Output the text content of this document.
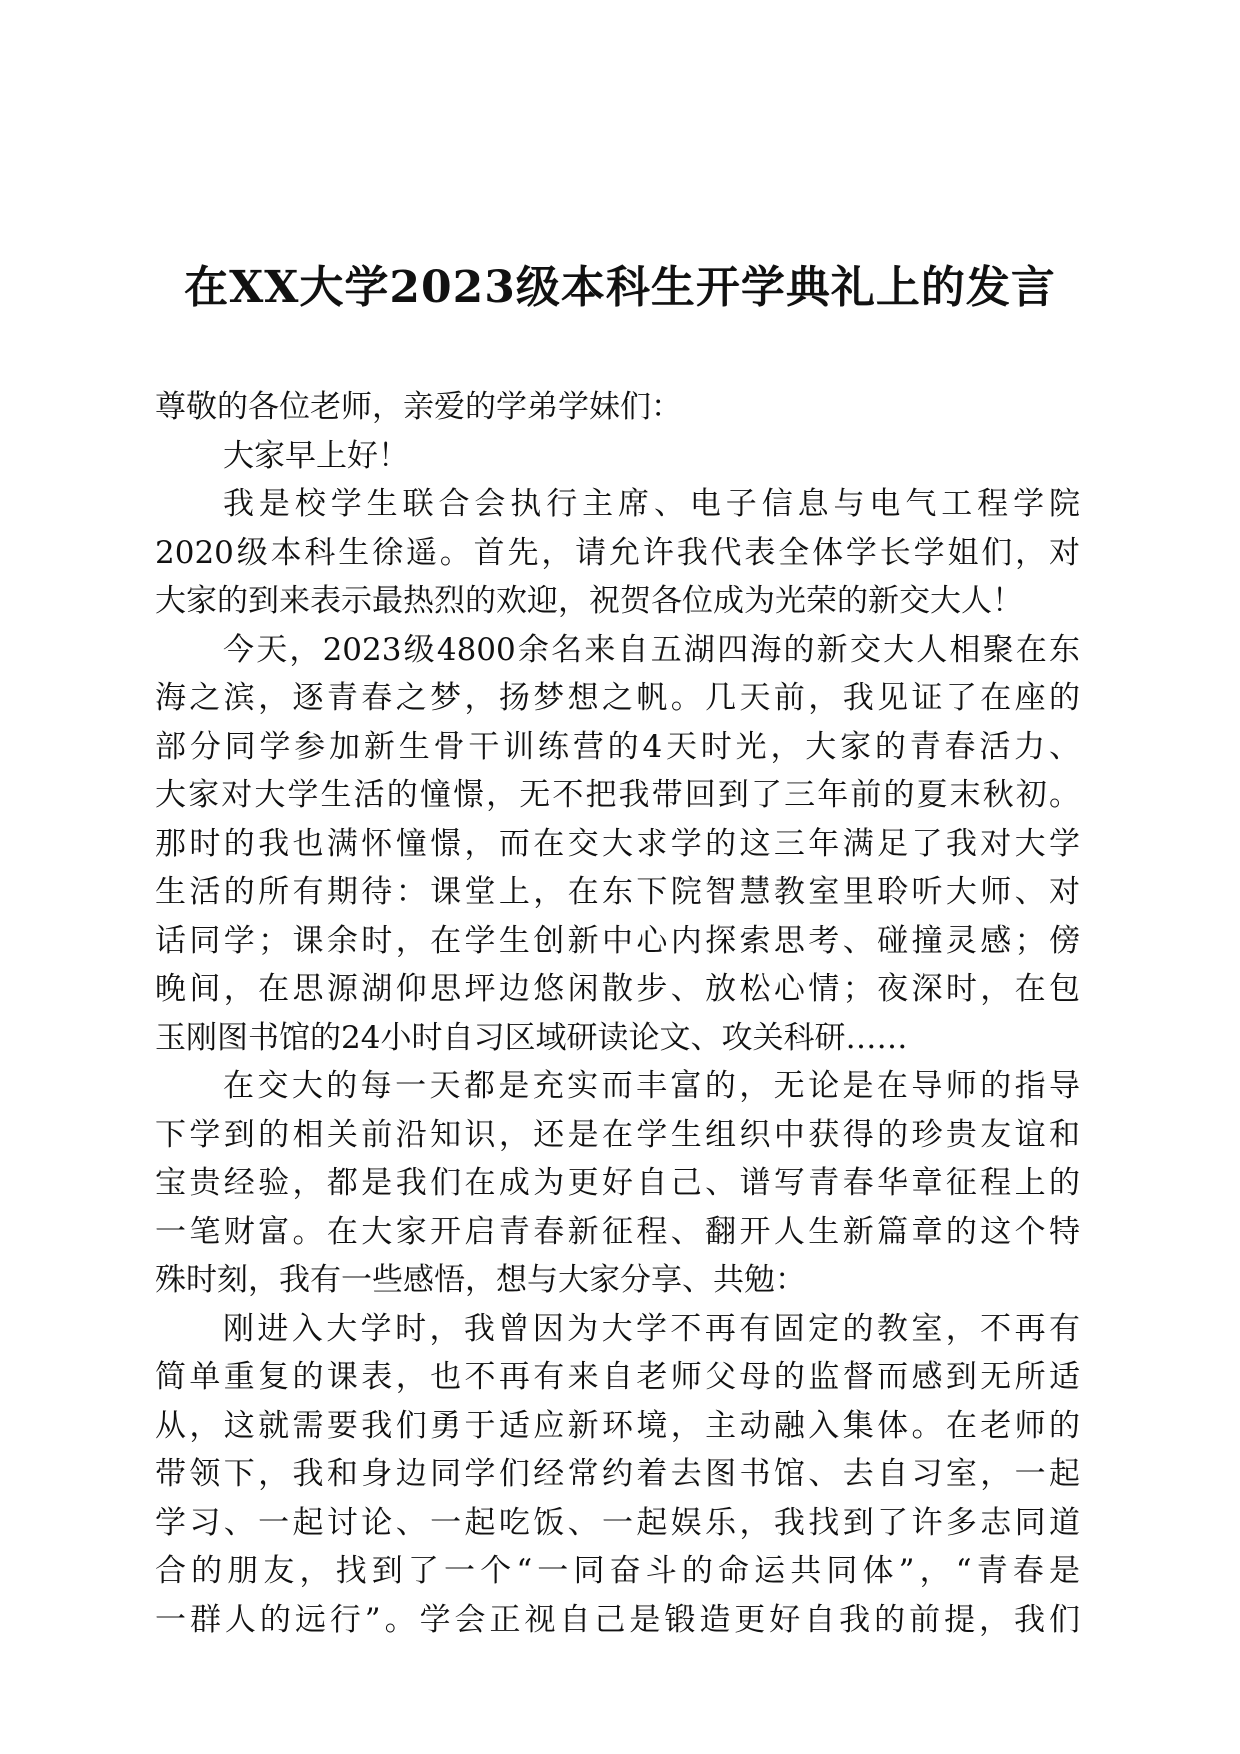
在XX大学2023级本科生开学典礼上的发言
尊敬的各位老师，亲爱的学弟学妹们：
大家早上好！
我是校学生联合会执行主席、电子信息与电气工程学院
2020级本科生徐遥。首先，请允许我代表全体学长学姐们，对
大家的到来表示最热烈的欢迎，祝贺各位成为光荣的新交大人！
今天，2023级4800余名来自五湖四海的新交大人相聚在东
海之滨，逐青春之梦，扬梦想之帆。几天前，我见证了在座的
部分同学参加新生骨干训练营的4天时光，大家的青春活力、
大家对大学生活的憧憬，无不把我带回到了三年前的夏末秋初。
那时的我也满怀憧憬，而在交大求学的这三年满足了我对大学
生活的所有期待：课堂上，在东下院智慧教室里聆听大师、对
话同学；课余时，在学生创新中心内探索思考、碰撞灵感；傍
晚间，在思源湖仰思坪边悠闲散步、放松心情；夜深时，在包
玉刚图书馆的24小时自习区域研读论文、攻关科研……
在交大的每一天都是充实而丰富的，无论是在导师的指导
下学到的相关前沿知识，还是在学生组织中获得的珍贵友谊和
宝贵经验，都是我们在成为更好自己、谱写青春华章征程上的
一笔财富。在大家开启青春新征程、翻开人生新篇章的这个特
殊时刻，我有一些感悟，想与大家分享、共勉：
刚进入大学时，我曾因为大学不再有固定的教室，不再有
简单重复的课表，也不再有来自老师父母的监督而感到无所适
从，这就需要我们勇于适应新环境，主动融入集体。在老师的
带领下，我和身边同学们经常约着去图书馆、去自习室，一起
学习、一起讨论、一起吃饭、一起娱乐，我找到了许多志同道
合的朋友，找到了一个“一同奋斗的命运共同体”，“青春是
一群人的远行”。学会正视自己是锻造更好自我的前提，我们
